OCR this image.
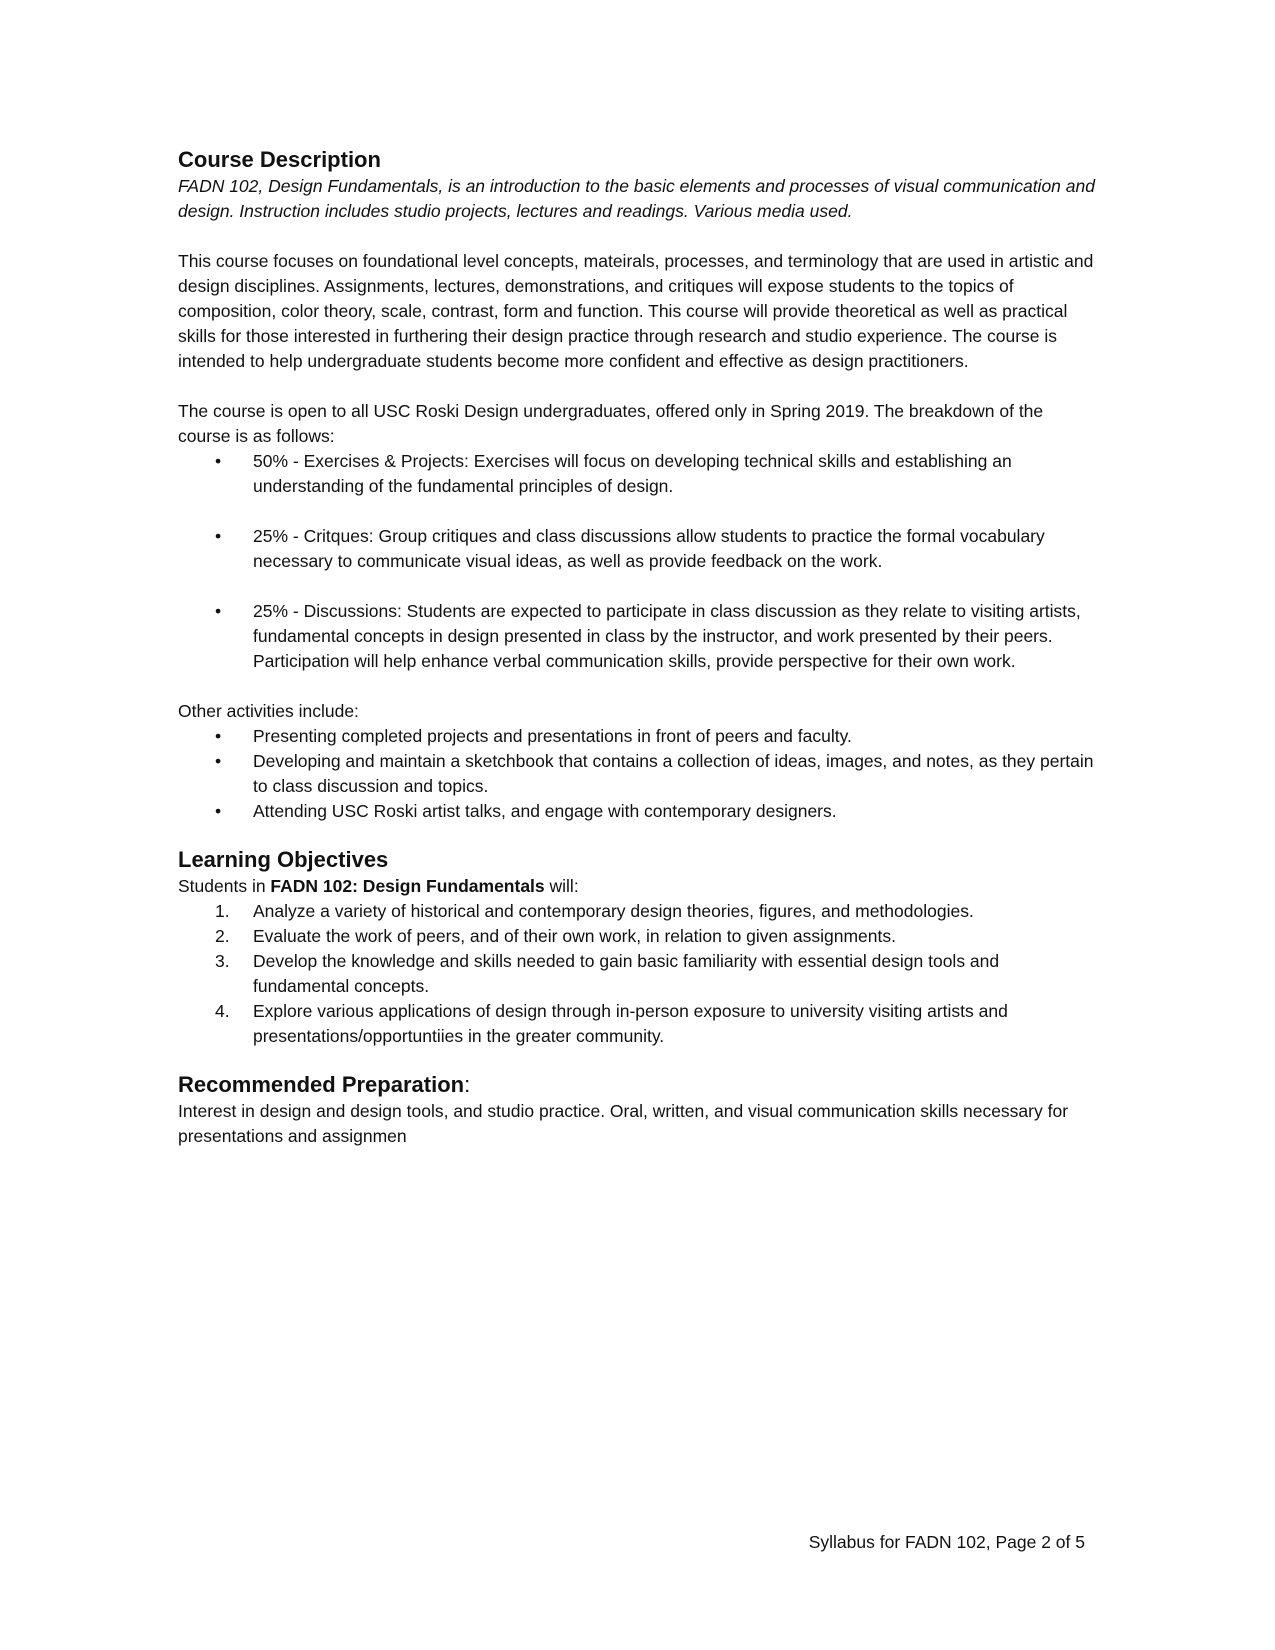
Course Description

FADN 102, Design Fundamentals, is an introduction to the basic elements and processes of visual communication and design. Instruction includes studio projects, lectures and readings. Various media used.

This course focuses on foundational level concepts, mateirals, processes, and terminology that are used in artistic and design disciplines. Assignments, lectures, demonstrations, and critiques will expose students to the topics of composition, color theory, scale, contrast, form and function. This course will provide theoretical as well as practical skills for those interested in furthering their design practice through research and studio experience. The course is intended to help undergraduate students become more confident and effective as design practitioners.

The course is open to all USC Roski Design undergraduates, offered only in Spring 2019. The breakdown of the course is as follows:

• 50% - Exercises & Projects: Exercises will focus on developing technical skills and establishing an understanding of the fundamental principles of design.
• 25% - Critques: Group critiques and class discussions allow students to practice the formal vocabulary necessary to communicate visual ideas, as well as provide feedback on the work.
• 25% - Discussions: Students are expected to participate in class discussion as they relate to visiting artists, fundamental concepts in design presented in class by the instructor, and work presented by their peers. Participation will help enhance verbal communication skills, provide perspective for their own work.

Other activities include:

• Presenting completed projects and presentations in front of peers and faculty.
• Developing and maintain a sketchbook that contains a collection of ideas, images, and notes, as they pertain to class discussion and topics.
• Attending USC Roski artist talks, and engage with contemporary designers.
Learning Objectives

Students in FADN 102: Design Fundamentals will:

1. Analyze a variety of historical and contemporary design theories, figures, and methodologies.
2. Evaluate the work of peers, and of their own work, in relation to given assignments.
3. Develop the knowledge and skills needed to gain basic familiarity with essential design tools and fundamental concepts.
4. Explore various applications of design through in-person exposure to university visiting artists and presentations/opportuntiies in the greater community.
Recommended Preparation:

Interest in design and design tools, and studio practice. Oral, written, and visual communication skills necessary for presentations and assignmen

Syllabus for FADN 102, Page 2 of 5
